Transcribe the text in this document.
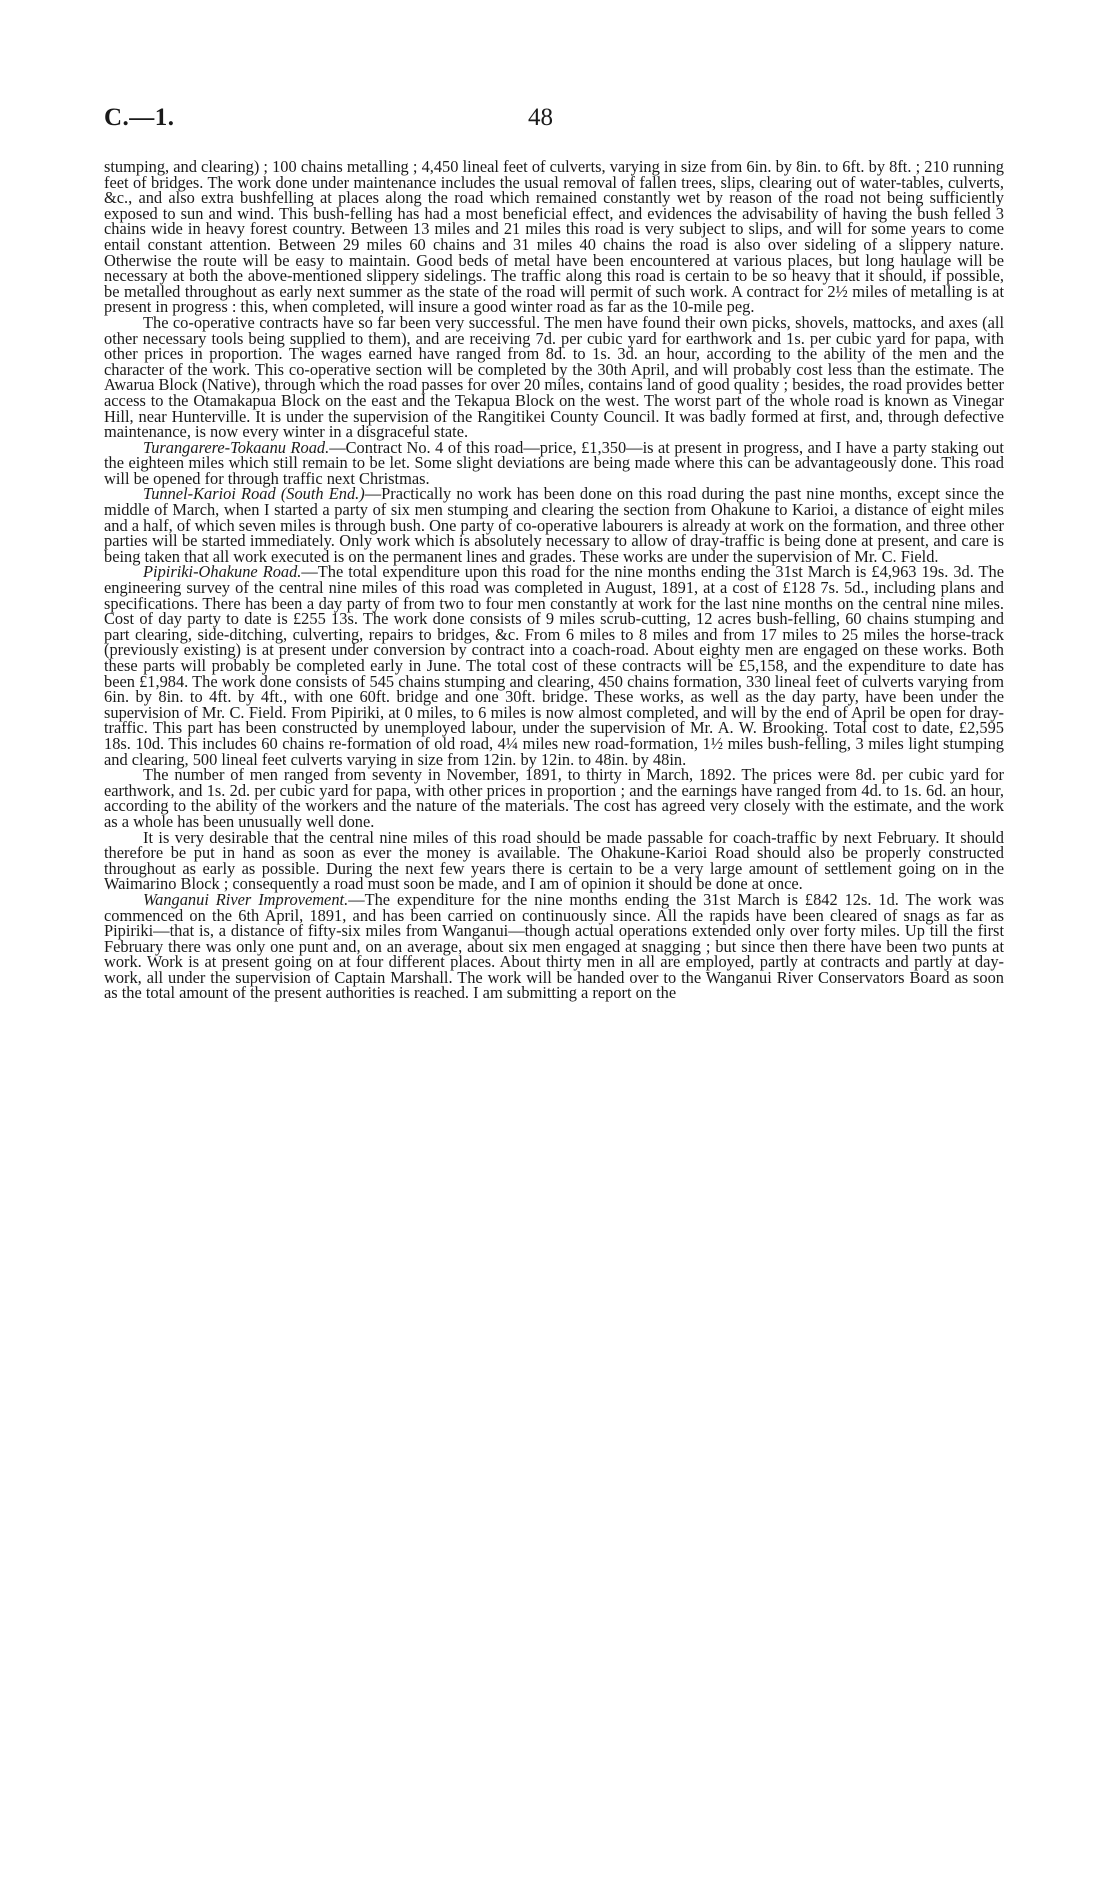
C.—1.	48

stumping, and clearing) ; 100 chains metalling ; 4,450 lineal feet of culverts, varying in size from 6in. by 8in. to 6ft. by 8ft. ; 210 running feet of bridges. The work done under maintenance includes the usual removal of fallen trees, slips, clearing out of water-tables, culverts, &c., and also extra bushfelling at places along the road which remained constantly wet by reason of the road not being sufficiently exposed to sun and wind. This bush-felling has had a most beneficial effect, and evidences the advisability of having the bush felled 3 chains wide in heavy forest country. Between 13 miles and 21 miles this road is very subject to slips, and will for some years to come entail constant attention. Between 29 miles 60 chains and 31 miles 40 chains the road is also over sideling of a slippery nature. Otherwise the route will be easy to maintain. Good beds of metal have been encountered at various places, but long haulage will be necessary at both the above-mentioned slippery sidelings. The traffic along this road is certain to be so heavy that it should, if possible, be metalled throughout as early next summer as the state of the road will permit of such work. A contract for 2½ miles of metalling is at present in progress : this, when completed, will insure a good winter road as far as the 10-mile peg.

The co-operative contracts have so far been very successful. The men have found their own picks, shovels, mattocks, and axes (all other necessary tools being supplied to them), and are receiving 7d. per cubic yard for earthwork and 1s. per cubic yard for papa, with other prices in proportion. The wages earned have ranged from 8d. to 1s. 3d. an hour, according to the ability of the men and the character of the work. This co-operative section will be completed by the 30th April, and will probably cost less than the estimate. The Awarua Block (Native), through which the road passes for over 20 miles, contains land of good quality ; besides, the road provides better access to the Otamakapua Block on the east and the Tekapua Block on the west. The worst part of the whole road is known as Vinegar Hill, near Hunterville. It is under the supervision of the Rangitikei County Council. It was badly formed at first, and, through defective maintenance, is now every winter in a disgraceful state.

Turangarere-Tokaanu Road.—Contract No. 4 of this road—price, £1,350—is at present in progress, and I have a party staking out the eighteen miles which still remain to be let. Some slight deviations are being made where this can be advantageously done. This road will be opened for through traffic next Christmas.

Tunnel-Karioi Road (South End.)—Practically no work has been done on this road during the past nine months, except since the middle of March, when I started a party of six men stumping and clearing the section from Ohakune to Karioi, a distance of eight miles and a half, of which seven miles is through bush. One party of co-operative labourers is already at work on the formation, and three other parties will be started immediately. Only work which is absolutely necessary to allow of dray-traffic is being done at present, and care is being taken that all work executed is on the permanent lines and grades. These works are under the supervision of Mr. C. Field.

Pipiriki-Ohakune Road.—The total expenditure upon this road for the nine months ending the 31st March is £4,963 19s. 3d. The engineering survey of the central nine miles of this road was completed in August, 1891, at a cost of £128 7s. 5d., including plans and specifications. There has been a day party of from two to four men constantly at work for the last nine months on the central nine miles. Cost of day party to date is £255 13s. The work done consists of 9 miles scrub-cutting, 12 acres bush-felling, 60 chains stumping and part clearing, side-ditching, culverting, repairs to bridges, &c. From 6 miles to 8 miles and from 17 miles to 25 miles the horse-track (previously existing) is at present under conversion by contract into a coach-road. About eighty men are engaged on these works. Both these parts will probably be completed early in June. The total cost of these contracts will be £5,158, and the expenditure to date has been £1,984. The work done consists of 545 chains stumping and clearing, 450 chains formation, 330 lineal feet of culverts varying from 6in. by 8in. to 4ft. by 4ft., with one 60ft. bridge and one 30ft. bridge. These works, as well as the day party, have been under the supervision of Mr. C. Field. From Pipiriki, at 0 miles, to 6 miles is now almost completed, and will by the end of April be open for dray-traffic. This part has been constructed by unemployed labour, under the supervision of Mr. A. W. Brooking. Total cost to date, £2,595 18s. 10d. This includes 60 chains re-formation of old road, 4¼ miles new road-formation, 1½ miles bush-felling, 3 miles light stumping and clearing, 500 lineal feet culverts varying in size from 12in. by 12in. to 48in. by 48in.

The number of men ranged from seventy in November, 1891, to thirty in March, 1892. The prices were 8d. per cubic yard for earthwork, and 1s. 2d. per cubic yard for papa, with other prices in proportion ; and the earnings have ranged from 4d. to 1s. 6d. an hour, according to the ability of the workers and the nature of the materials. The cost has agreed very closely with the estimate, and the work as a whole has been unusually well done.

It is very desirable that the central nine miles of this road should be made passable for coach-traffic by next February. It should therefore be put in hand as soon as ever the money is available. The Ohakune-Karioi Road should also be properly constructed throughout as early as possible. During the next few years there is certain to be a very large amount of settlement going on in the Waimarino Block ; consequently a road must soon be made, and I am of opinion it should be done at once.

Wanganui River Improvement.—The expenditure for the nine months ending the 31st March is £842 12s. 1d. The work was commenced on the 6th April, 1891, and has been carried on continuously since. All the rapids have been cleared of snags as far as Pipiriki—that is, a distance of fifty-six miles from Wanganui—though actual operations extended only over forty miles. Up till the first February there was only one punt and, on an average, about six men engaged at snagging ; but since then there have been two punts at work. Work is at present going on at four different places. About thirty men in all are employed, partly at contracts and partly at day-work, all under the supervision of Captain Marshall. The work will be handed over to the Wanganui River Conservators Board as soon as the total amount of the present authorities is reached. I am submitting a report on the
